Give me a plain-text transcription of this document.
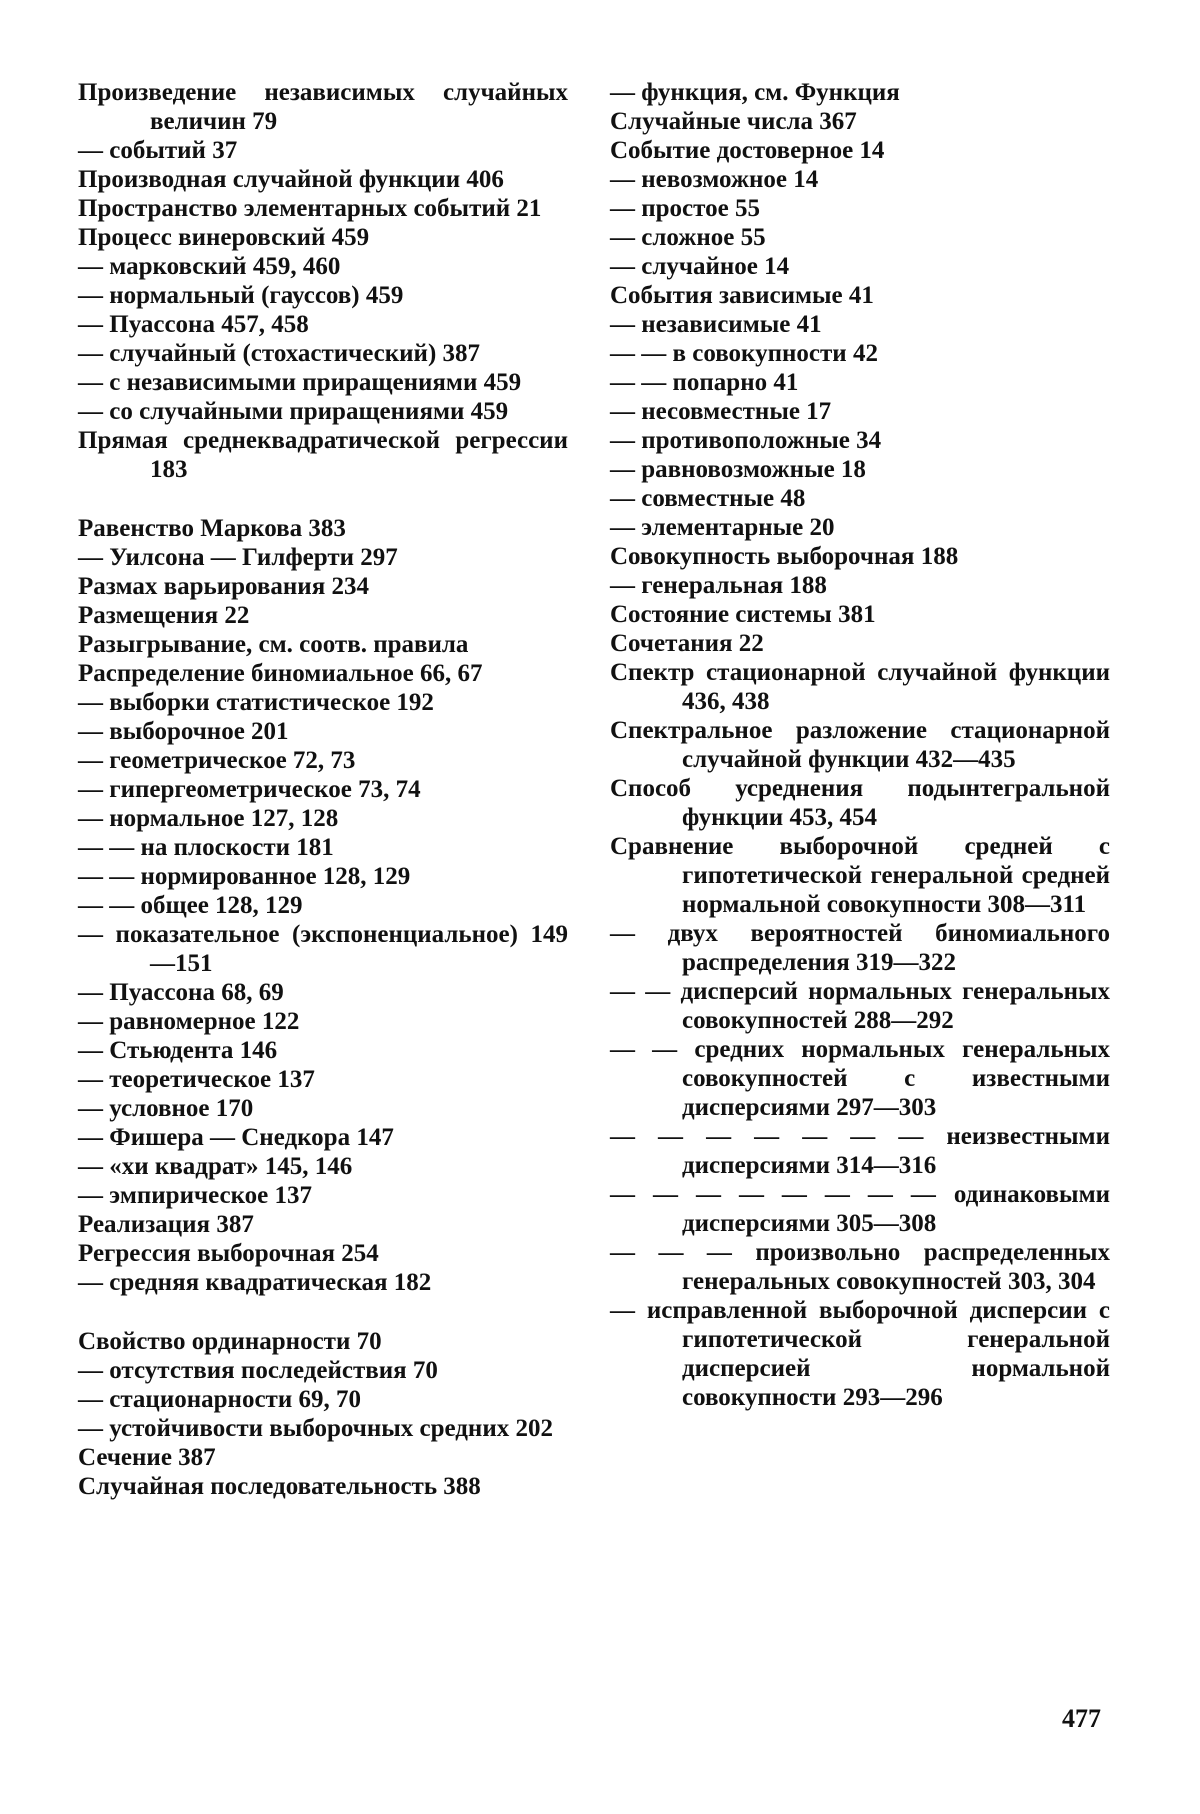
Произведение независимых случайных величин 79

— событий 37

Производная случайной функции 406

Пространство элементарных событий 21

Процесс винеровский 459

— марковский 459, 460

— нормальный (гауссов) 459

— Пуассона 457, 458

— случайный (стохастический) 387

— с независимыми приращениями 459

— со случайными приращениями 459

Прямая среднеквадратической регрессии 183

Равенство Маркова 383

— Уилсона — Гилферти 297

Размах варьирования 234

Размещения 22

Разыгрывание, см. соотв. правила

Распределение биномиальное 66, 67

— выборки статистическое 192

— выборочное 201

— геометрическое 72, 73

— гипергеометрическое 73, 74

— нормальное 127, 128

— — на плоскости 181

— — нормированное 128, 129

— — общее 128, 129

— показательное (экспоненциальное) 149—151

— Пуассона 68, 69

— равномерное 122

— Стьюдента 146

— теоретическое 137

— условное 170

— Фишера — Снедкора 147

— «хи квадрат» 145, 146

— эмпирическое 137

Реализация 387

Регрессия выборочная 254

— средняя квадратическая 182

Свойство ординарности 70

— отсутствия последействия 70

— стационарности 69, 70

— устойчивости выборочных средних 202

Сечение 387

Случайная последовательность 388

— функция, см. Функция

Случайные числа 367

Событие достоверное 14

— невозможное 14

— простое 55

— сложное 55

— случайное 14

События зависимые 41

— независимые 41

— — в совокупности 42

— — попарно 41

— несовместные 17

— противоположные 34

— равновозможные 18

— совместные 48

— элементарные 20

Совокупность выборочная 188

— генеральная 188

Состояние системы 381

Сочетания 22

Спектр стационарной случайной функции 436, 438

Спектральное разложение стационарной случайной функции 432—435

Способ усреднения подынтегральной функции 453, 454

Сравнение выборочной средней с гипотетической генеральной средней нормальной совокупности 308—311

— двух вероятностей биномиального распределения 319—322

— — дисперсий нормальных генеральных совокупностей 288—292

— — средних нормальных генеральных совокупностей с известными дисперсиями 297—303

— — — — — — — неизвестными дисперсиями 314—316

— — — — — — — — одинаковыми дисперсиями 305—308

— — — произвольно распределенных генеральных совокупностей 303, 304

— исправленной выборочной дисперсии с гипотетической генеральной дисперсией нормальной совокупности 293—296

477
